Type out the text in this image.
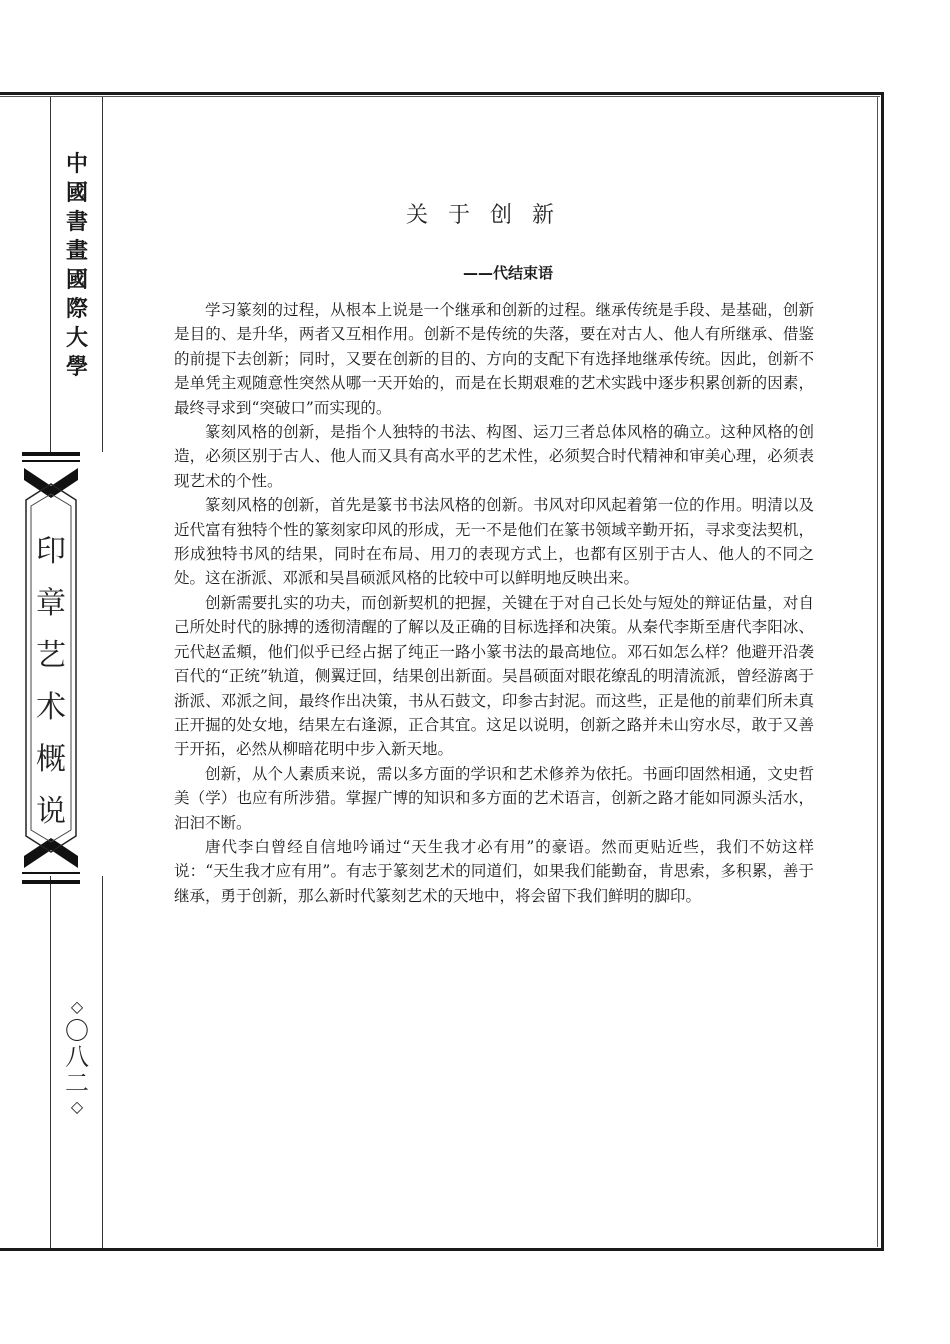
中
國
書
畫
國
際
大
學
印
章
艺
术
概
说
◇
〇
八
二
◇
关于创新
——代结束语

学习篆刻的过程，从根本上说是一个继承和创新的过程。继承传统是手段、是基础，创新是目的、是升华，两者又互相作用。创新不是传统的失落，要在对古人、他人有所继承、借鉴的前提下去创新；同时，又要在创新的目的、方向的支配下有选择地继承传统。因此，创新不是单凭主观随意性突然从哪一天开始的，而是在长期艰难的艺术实践中逐步积累创新的因素，最终寻求到“突破口”而实现的。

篆刻风格的创新，是指个人独特的书法、构图、运刀三者总体风格的确立。这种风格的创造，必须区别于古人、他人而又具有高水平的艺术性，必须契合时代精神和审美心理，必须表现艺术的个性。

篆刻风格的创新，首先是篆书书法风格的创新。书风对印风起着第一位的作用。明清以及近代富有独特个性的篆刻家印风的形成，无一不是他们在篆书领域辛勤开拓，寻求变法契机，形成独特书风的结果，同时在布局、用刀的表现方式上，也都有区别于古人、他人的不同之处。这在浙派、邓派和吴昌硕派风格的比较中可以鲜明地反映出来。

创新需要扎实的功夫，而创新契机的把握，关键在于对自己长处与短处的辩证估量，对自己所处时代的脉搏的透彻清醒的了解以及正确的目标选择和决策。从秦代李斯至唐代李阳冰、元代赵孟頫，他们似乎已经占据了纯正一路小篆书法的最高地位。邓石如怎么样？他避开沿袭百代的“正统”轨道，侧翼迂回，结果创出新面。吴昌硕面对眼花缭乱的明清流派，曾经游离于浙派、邓派之间，最终作出决策，书从石鼓文，印参古封泥。而这些，正是他的前辈们所未真正开掘的处女地，结果左右逢源，正合其宜。这足以说明，创新之路并未山穷水尽，敢于又善于开拓，必然从柳暗花明中步入新天地。

创新，从个人素质来说，需以多方面的学识和艺术修养为依托。书画印固然相通，文史哲美（学）也应有所涉猎。掌握广博的知识和多方面的艺术语言，创新之路才能如同源头活水，汩汩不断。

唐代李白曾经自信地吟诵过“天生我才必有用”的豪语。然而更贴近些，我们不妨这样说：“天生我才应有用”。有志于篆刻艺术的同道们，如果我们能勤奋，肯思索，多积累，善于继承，勇于创新，那么新时代篆刻艺术的天地中，将会留下我们鲜明的脚印。
